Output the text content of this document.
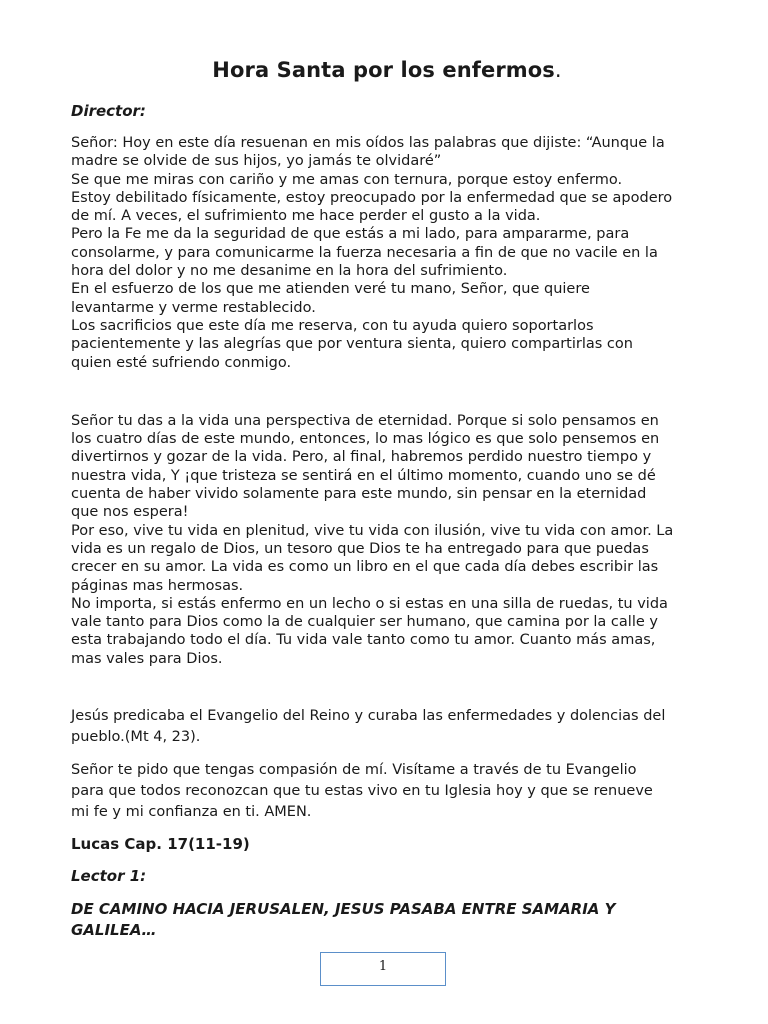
Hora Santa por los enfermos.
Director:

Señor: Hoy en este día resuenan en mis oídos las palabras que dijiste: “Aunque la
madre se olvide de sus hijos, yo jamás te olvidaré”
Se que me miras con cariño y me amas con ternura, porque estoy enfermo.
Estoy debilitado físicamente, estoy preocupado por la enfermedad que se apodero
de mí. A veces, el sufrimiento me hace perder el gusto a la vida.
Pero la Fe me da la seguridad de que estás a mi lado, para ampararme, para
consolarme, y para comunicarme la fuerza necesaria a fin de que no vacile en la
hora del dolor y no me desanime en la hora del sufrimiento.
En el esfuerzo de los que me atienden veré tu mano, Señor, que quiere
levantarme y verme restablecido.
Los sacrificios que este día me reserva, con tu ayuda quiero soportarlos
pacientemente y las alegrías que por ventura sienta, quiero compartirlas con
quien esté sufriendo conmigo.

Señor tu das a la vida una perspectiva de eternidad. Porque si solo pensamos en
los cuatro días de este mundo, entonces, lo mas lógico es que solo pensemos en
divertirnos y gozar de la vida. Pero, al final, habremos perdido nuestro tiempo y
nuestra vida, Y ¡que tristeza se sentirá en el último momento, cuando uno se dé
cuenta de haber vivido solamente para este mundo, sin pensar en la eternidad
que nos espera!
Por eso, vive tu vida en plenitud, vive tu vida con ilusión, vive tu vida con amor. La
vida es un regalo de Dios, un tesoro que Dios te ha entregado para que puedas
crecer en su amor. La vida es como un libro en el que cada día debes escribir las
páginas mas hermosas.
No importa, si estás enfermo en un lecho o si estas en una silla de ruedas, tu vida
vale tanto para Dios como la de cualquier ser humano, que camina por la calle y
esta trabajando todo el día. Tu vida vale tanto como tu amor. Cuanto más amas,
mas vales para Dios.

Jesús predicaba el Evangelio del Reino y curaba las enfermedades y dolencias del
pueblo.(Mt 4, 23).

Señor te pido que tengas compasión de mí. Visítame a través de tu Evangelio
para que todos reconozcan que tu estas vivo en tu Iglesia hoy y que se renueve
mi fe y mi confianza en ti. AMEN.

Lucas Cap. 17(11-19)
Lector 1:

DE CAMINO HACIA JERUSALEN, JESUS PASABA ENTRE SAMARIA Y
GALILEA…

1
